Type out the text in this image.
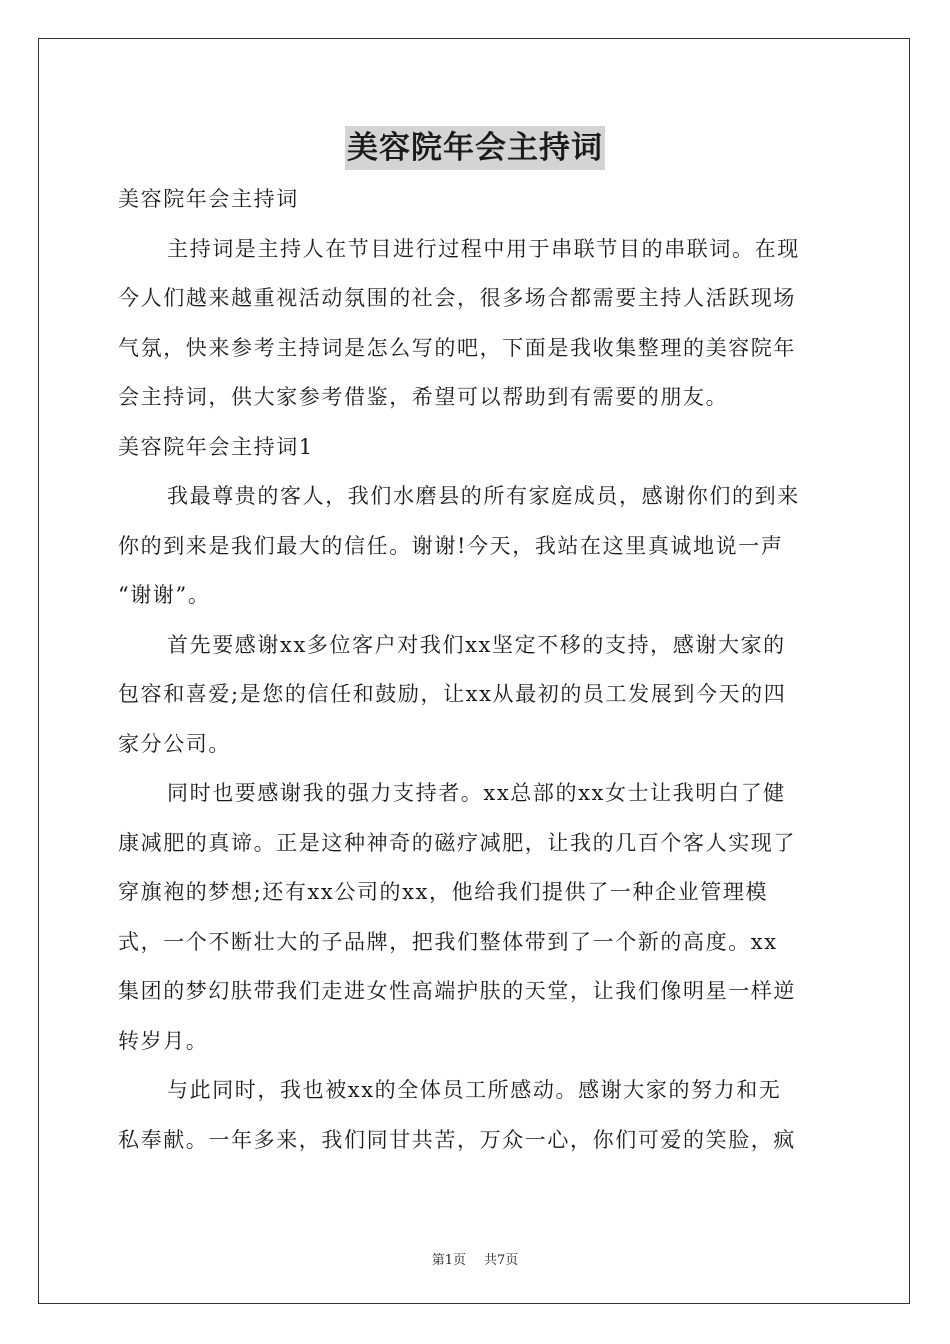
美容院年会主持词
美容院年会主持词
主持词是主持人在节目进行过程中用于串联节目的串联词。在现
今人们越来越重视活动氛围的社会，很多场合都需要主持人活跃现场
气氛，快来参考主持词是怎么写的吧，下面是我收集整理的美容院年
会主持词，供大家参考借鉴，希望可以帮助到有需要的朋友。
美容院年会主持词1
我最尊贵的客人，我们水磨县的所有家庭成员，感谢你们的到来
你的到来是我们最大的信任。谢谢!今天，我站在这里真诚地说一声
“谢谢”。
首先要感谢xx多位客户对我们xx坚定不移的支持，感谢大家的
包容和喜爱;是您的信任和鼓励，让xx从最初的员工发展到今天的四
家分公司。
同时也要感谢我的强力支持者。xx总部的xx女士让我明白了健
康减肥的真谛。正是这种神奇的磁疗减肥，让我的几百个客人实现了
穿旗袍的梦想;还有xx公司的xx，他给我们提供了一种企业管理模
式，一个不断壮大的子品牌，把我们整体带到了一个新的高度。xx
集团的梦幻肤带我们走进女性高端护肤的天堂，让我们像明星一样逆
转岁月。
与此同时，我也被xx的全体员工所感动。感谢大家的努力和无
私奉献。一年多来，我们同甘共苦，万众一心，你们可爱的笑脸，疯
第1页 共7页
